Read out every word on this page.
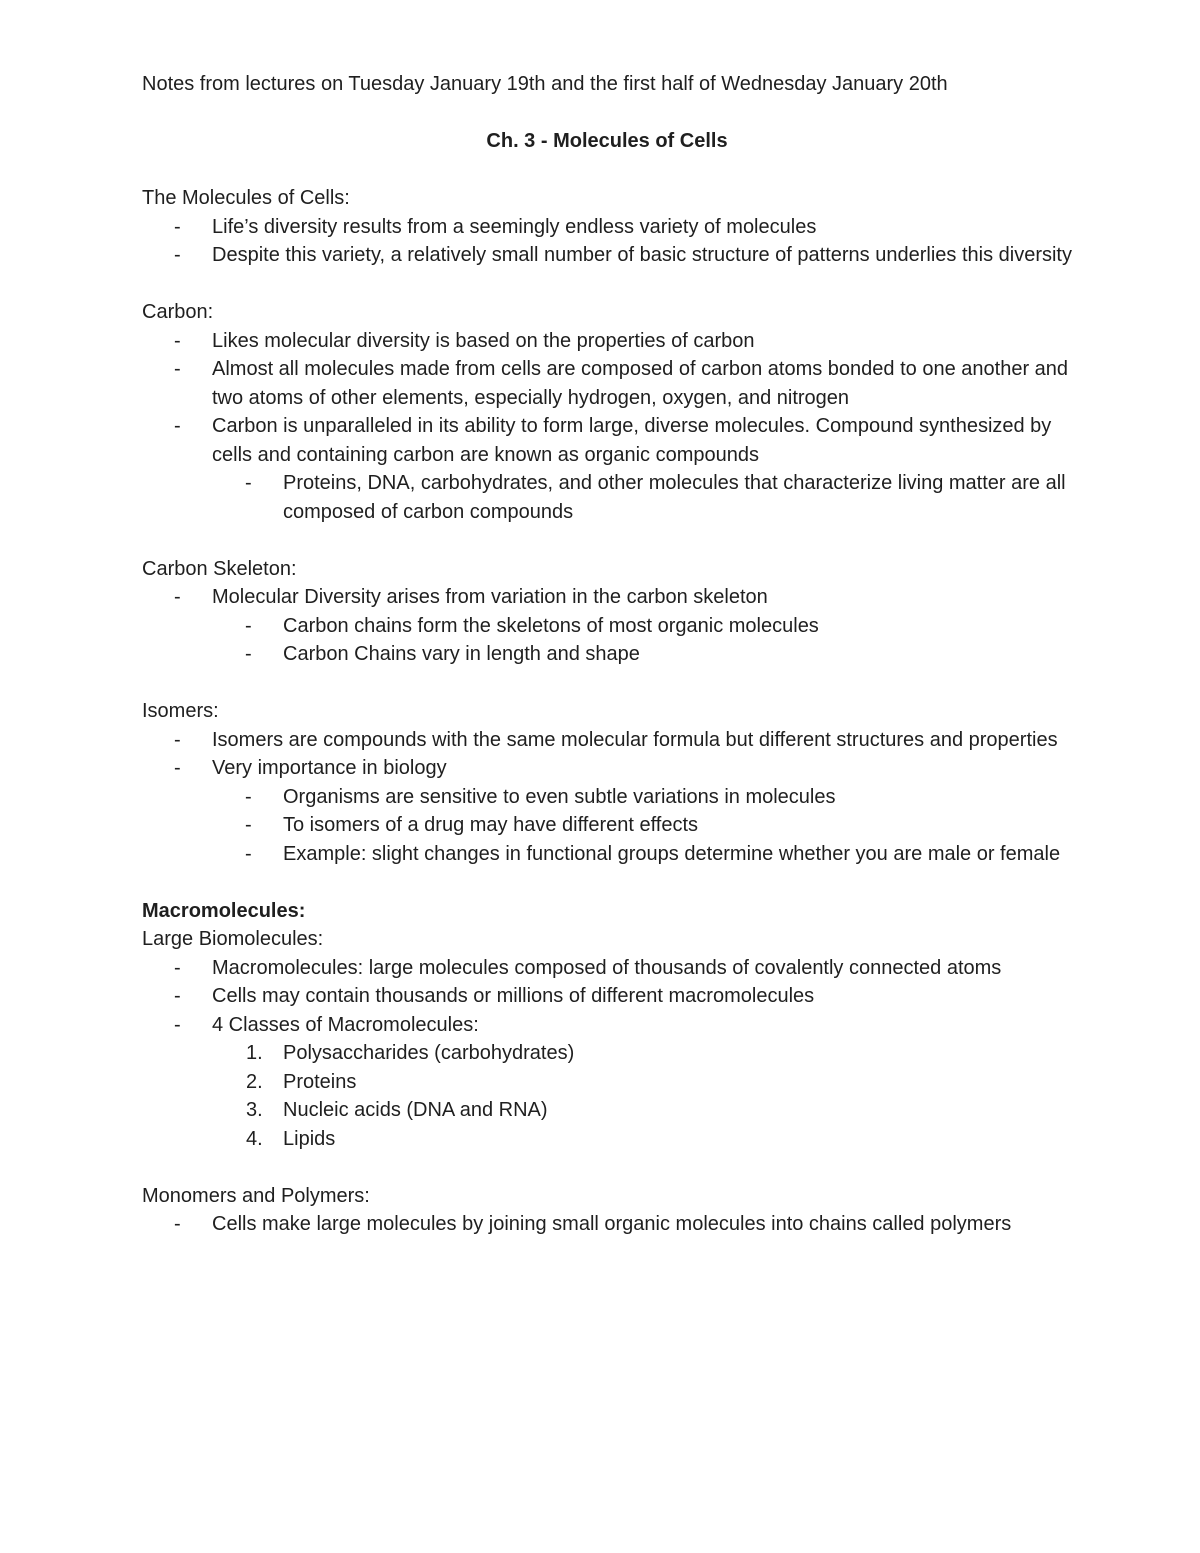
Notes from lectures on Tuesday January 19th and the first half of Wednesday January 20th
Ch. 3 - Molecules of Cells
The Molecules of Cells:
- Life’s diversity results from a seemingly endless variety of molecules
- Despite this variety, a relatively small number of basic structure of patterns underlies this diversity
Carbon:
- Likes molecular diversity is based on the properties of carbon
- Almost all molecules made from cells are composed of carbon atoms bonded to one another and two atoms of other elements, especially hydrogen, oxygen, and nitrogen
- Carbon is unparalleled in its ability to form large, diverse molecules. Compound synthesized by cells and containing carbon are known as organic compounds
- Proteins, DNA, carbohydrates, and other molecules that characterize living matter are all composed of carbon compounds
Carbon Skeleton:
- Molecular Diversity arises from variation in the carbon skeleton
- Carbon chains form the skeletons of most organic molecules
- Carbon Chains vary in length and shape
Isomers:
- Isomers are compounds with the same molecular formula but different structures and properties
- Very importance in biology
- Organisms are sensitive to even subtle variations in molecules
- To isomers of a drug may have different effects
- Example: slight changes in functional groups determine whether you are male or female
Macromolecules:
Large Biomolecules:
- Macromolecules: large molecules composed of thousands of covalently connected atoms
- Cells may contain thousands or millions of different macromolecules
- 4 Classes of Macromolecules:
1. Polysaccharides (carbohydrates)
2. Proteins
3. Nucleic acids (DNA and RNA)
4. Lipids
Monomers and Polymers:
- Cells make large molecules by joining small organic molecules into chains called polymers
